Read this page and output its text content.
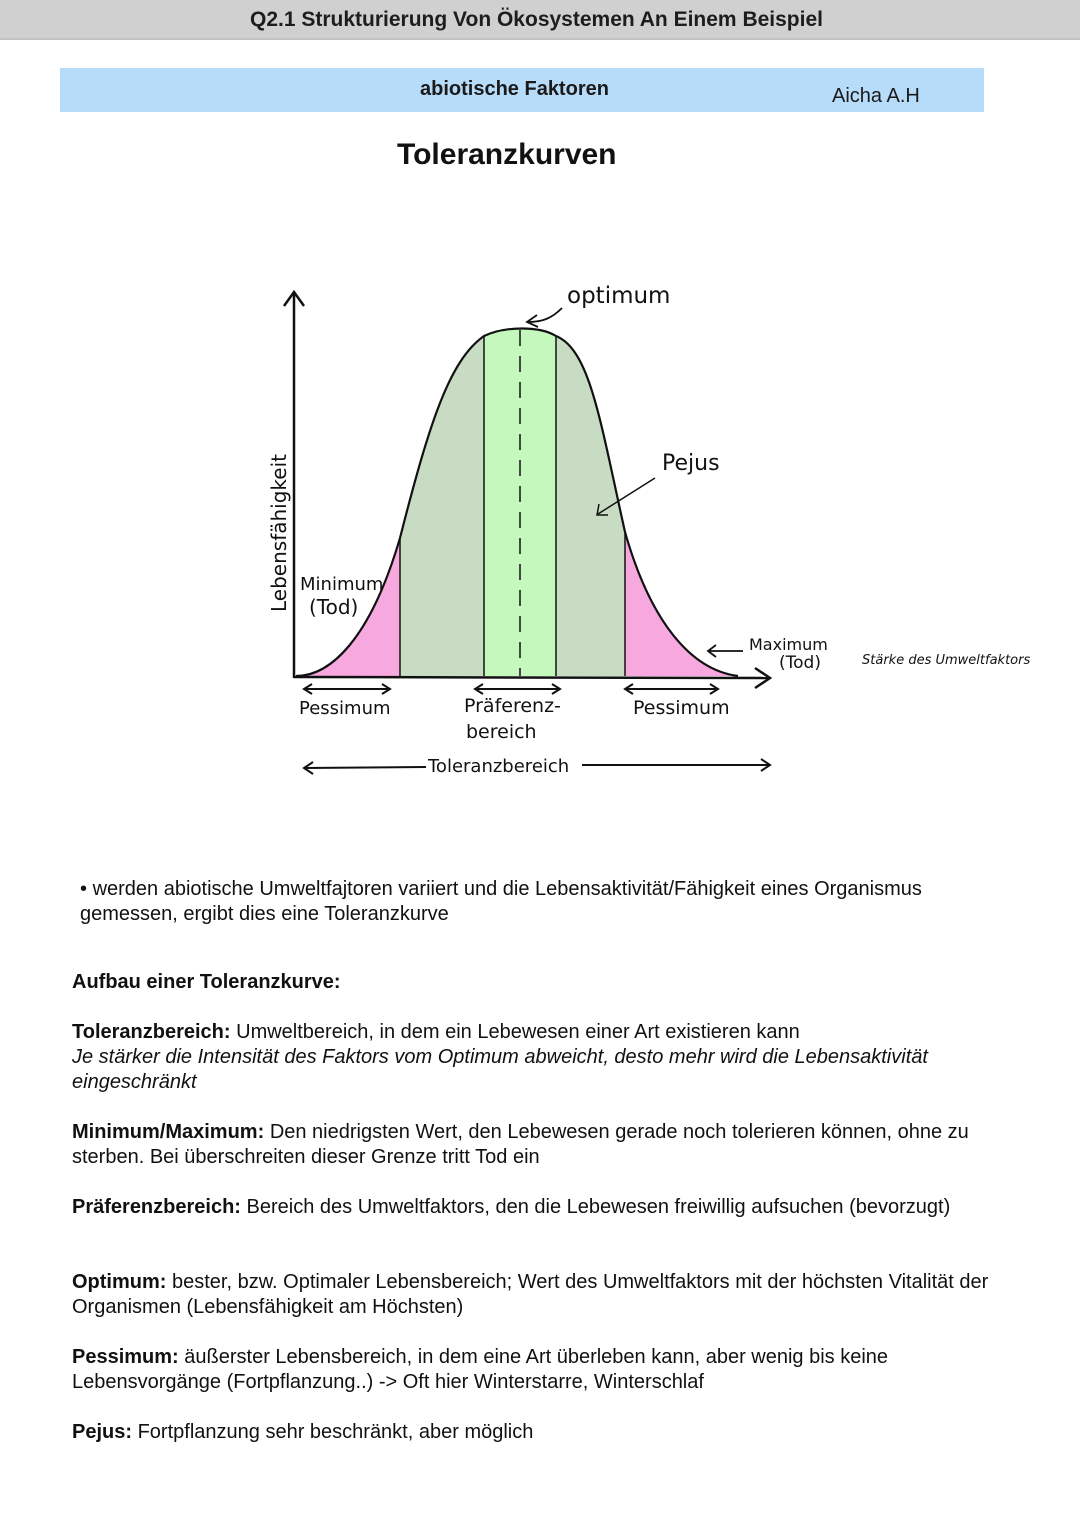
Q2.1 Strukturierung Von Ökosystemen An Einem Beispiel
abiotische Faktoren	Aicha A.H
Toleranzkurven
Lebensfähigkeit
Stärke des Umweltfaktors
optimum
Pejus
Minimum
(Tod)
Maximum
(Tod)
Pessimum	Präferenz-
bereich
Pessimum
Toleranzbereich
• werden abiotische Umweltfajtoren variiert und die Lebensaktivität/Fähigkeit eines Organismus gemessen, ergibt dies eine Toleranzkurve
Aufbau einer Toleranzkurve:
Toleranzbereich: Umweltbereich, in dem ein Lebewesen einer Art existieren kann
Je stärker die Intensität des Faktors vom Optimum abweicht, desto mehr wird die Lebensaktivität eingeschränkt
Minimum/Maximum: Den niedrigsten Wert, den Lebewesen gerade noch tolerieren können, ohne zu sterben. Bei überschreiten dieser Grenze tritt Tod ein
Präferenzbereich: Bereich des Umweltfaktors, den die Lebewesen freiwillig aufsuchen (bevorzugt)
Optimum: bester, bzw. Optimaler Lebensbereich; Wert des Umweltfaktors mit der höchsten Vitalität der Organismen (Lebensfähigkeit am Höchsten)
Pessimum: äußerster Lebensbereich, in dem eine Art überleben kann, aber wenig bis keine Lebensvorgänge (Fortpflanzung..) -> Oft hier Winterstarre, Winterschlaf
Pejus: Fortpflanzung sehr beschränkt, aber möglich
